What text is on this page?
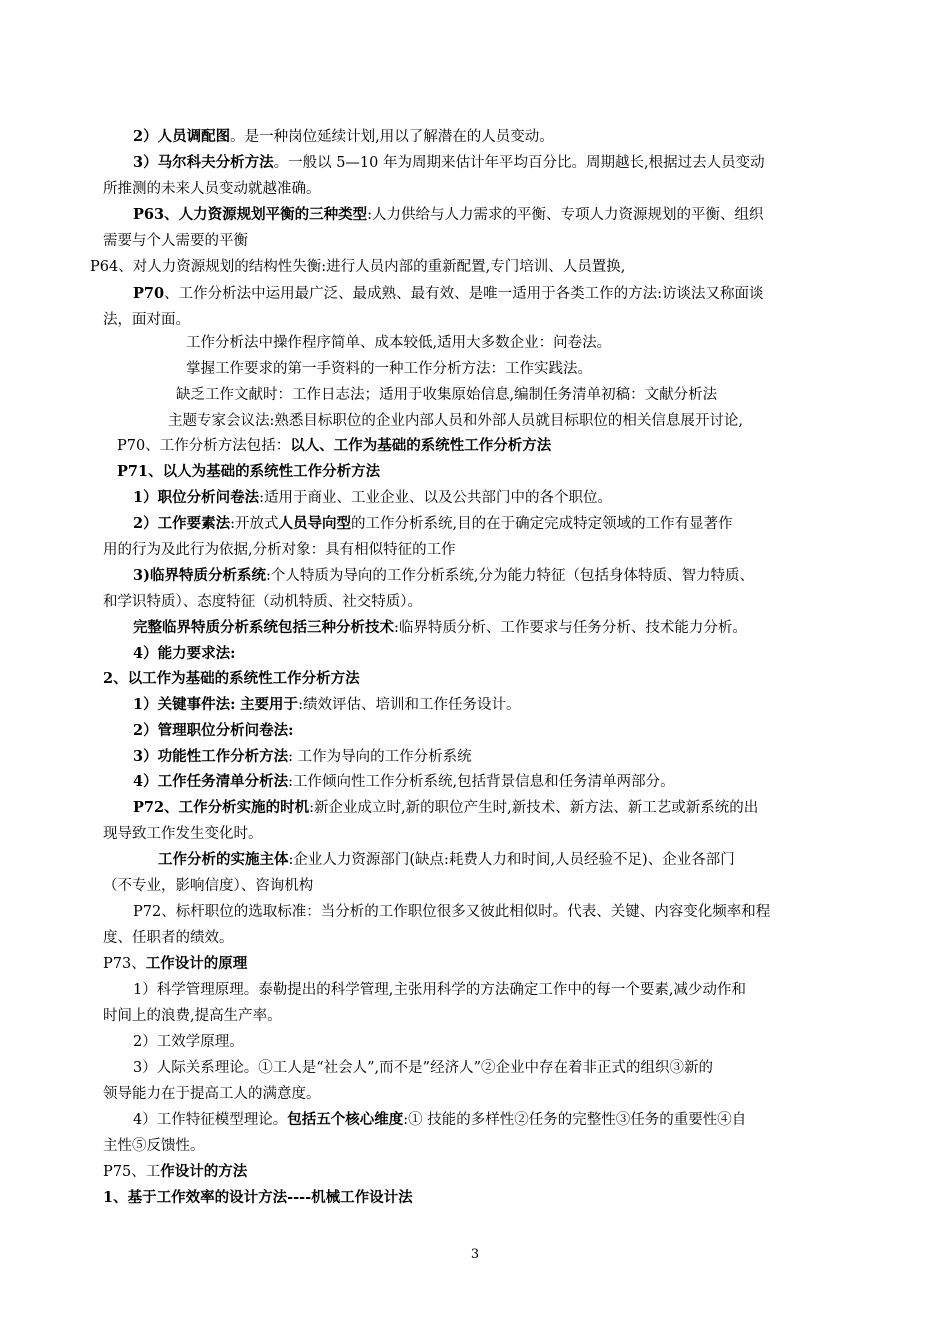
2）人员调配图。是一种岗位延续计划,用以了解潜在的人员变动。
3）马尔科夫分析方法。一般以 5—10 年为周期来估计年平均百分比。周期越长,根据过去人员变动
所推测的未来人员变动就越准确。
P63、人力资源规划平衡的三种类型:人力供给与人力需求的平衡、专项人力资源规划的平衡、组织
需要与个人需要的平衡
P64、对人力资源规划的结构性失衡:进行人员内部的重新配置,专门培训、人员置换,
P70、工作分析法中运用最广泛、最成熟、最有效、是唯一适用于各类工作的方法:访谈法又称面谈
法，面对面。
工作分析法中操作程序简单、成本较低,适用大多数企业：问卷法。
掌握工作要求的第一手资料的一种工作分析方法：工作实践法。
缺乏工作文献时：工作日志法；适用于收集原始信息,编制任务清单初稿：文献分析法
主题专家会议法:熟悉目标职位的企业内部人员和外部人员就目标职位的相关信息展开讨论,
P70、工作分析方法包括：以人、工作为基础的系统性工作分析方法
P71、以人为基础的系统性工作分析方法
1）职位分析问卷法:适用于商业、工业企业、以及公共部门中的各个职位。
2）工作要素法:开放式人员导向型的工作分析系统,目的在于确定完成特定领域的工作有显著作
用的行为及此行为依据,分析对象：具有相似特征的工作
3)临界特质分析系统:个人特质为导向的工作分析系统,分为能力特征（包括身体特质、智力特质、
和学识特质）、态度特征（动机特质、社交特质）。
完整临界特质分析系统包括三种分析技术:临界特质分析、工作要求与任务分析、技术能力分析。
4）能力要求法:
2、以工作为基础的系统性工作分析方法
1）关键事件法: 主要用于:绩效评估、培训和工作任务设计。
2）管理职位分析问卷法:
3）功能性工作分析方法: 工作为导向的工作分析系统
4）工作任务清单分析法:工作倾向性工作分析系统,包括背景信息和任务清单两部分。
P72、工作分析实施的时机:新企业成立时,新的职位产生时,新技术、新方法、新工艺或新系统的出
现导致工作发生变化时。
工作分析的实施主体:企业人力资源部门(缺点:耗费人力和时间,人员经验不足)、企业各部门
（不专业，影响信度）、咨询机构
P72、标杆职位的选取标准：当分析的工作职位很多又彼此相似时。代表、关键、内容变化频率和程
度、任职者的绩效。
P73、工作设计的原理
1）科学管理原理。泰勒提出的科学管理,主张用科学的方法确定工作中的每一个要素,减少动作和
时间上的浪费,提高生产率。
2）工效学原理。
3）人际关系理论。①工人是“社会人”,而不是”经济人”②企业中存在着非正式的组织③新的
领导能力在于提高工人的满意度。
4）工作特征模型理论。包括五个核心维度:① 技能的多样性②任务的完整性③任务的重要性④自
主性⑤反馈性。
P75、工作设计的方法
1、基于工作效率的设计方法----机械工作设计法
3
